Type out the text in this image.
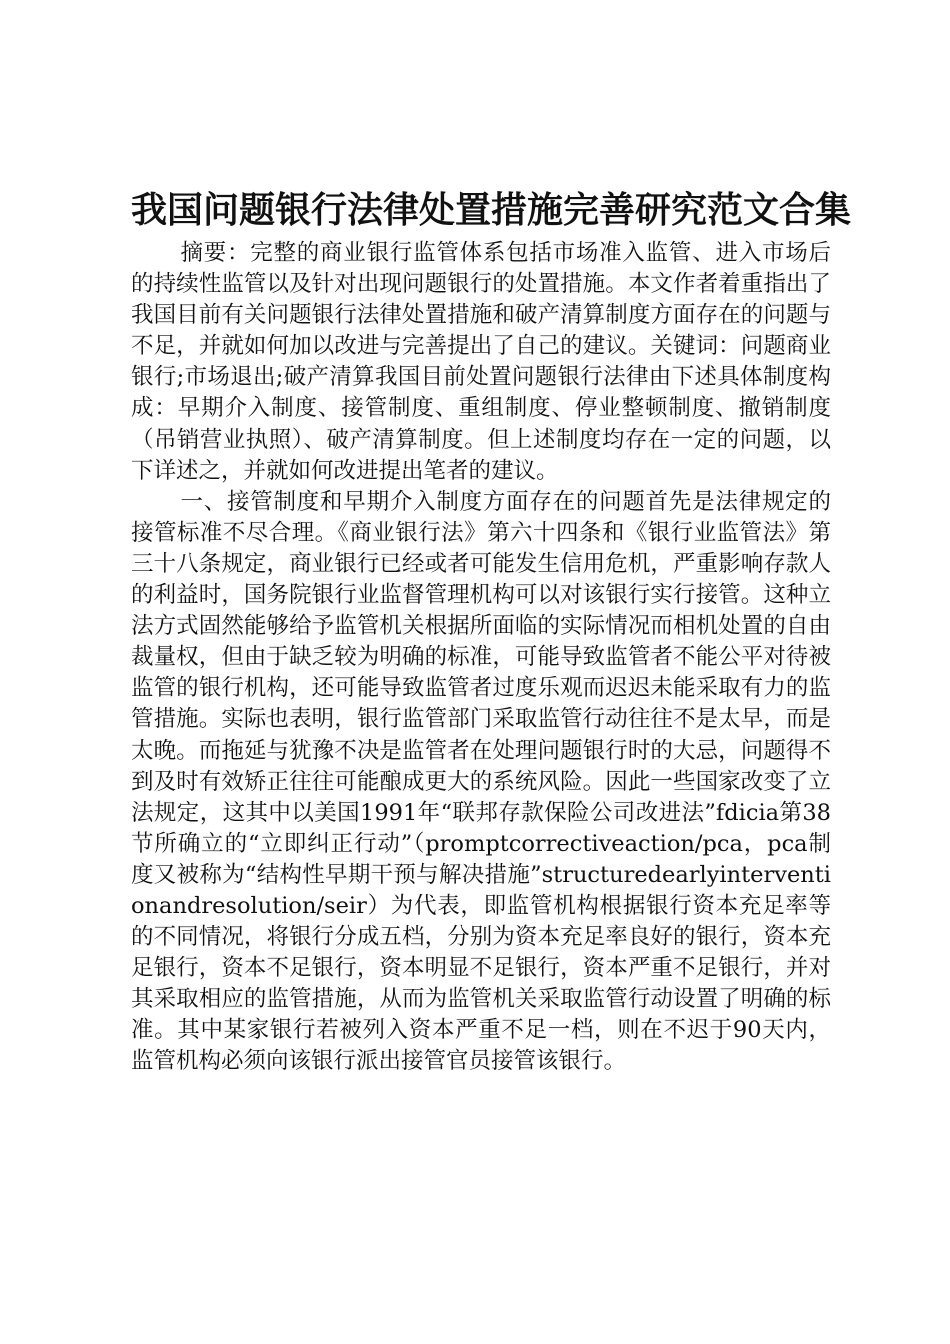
我国问题银行法律处置措施完善研究范文合集

摘要：完整的商业银行监管体系包括市场准入监管、进入市场后的持续性监管以及针对出现问题银行的处置措施。本文作者着重指出了我国目前有关问题银行法律处置措施和破产清算制度方面存在的问题与不足，并就如何加以改进与完善提出了自己的建议。关键词：问题商业银行;市场退出;破产清算我国目前处置问题银行法律由下述具体制度构成：早期介入制度、接管制度、重组制度、停业整顿制度、撤销制度（吊销营业执照）、破产清算制度。但上述制度均存在一定的问题，以下详述之，并就如何改进提出笔者的建议。

一、接管制度和早期介入制度方面存在的问题首先是法律规定的接管标准不尽合理。《商业银行法》第六十四条和《银行业监管法》第三十八条规定，商业银行已经或者可能发生信用危机，严重影响存款人的利益时，国务院银行业监督管理机构可以对该银行实行接管。这种立法方式固然能够给予监管机关根据所面临的实际情况而相机处置的自由裁量权，但由于缺乏较为明确的标准，可能导致监管者不能公平对待被监管的银行机构，还可能导致监管者过度乐观而迟迟未能采取有力的监管措施。实际也表明，银行监管部门采取监管行动往往不是太早，而是太晚。而拖延与犹豫不决是监管者在处理问题银行时的大忌，问题得不到及时有效矫正往往可能酿成更大的系统风险。因此一些国家改变了立法规定，这其中以美国1991年“联邦存款保险公司改进法”fdicia第38节所确立的“立即纠正行动”（promptcorrectiveaction/pca，pca制度又被称为“结构性早期干预与解决措施”structuredearlyinterventionandresolution/seir）为代表，即监管机构根据银行资本充足率等的不同情况，将银行分成五档，分别为资本充足率良好的银行，资本充足银行，资本不足银行，资本明显不足银行，资本严重不足银行，并对其采取相应的监管措施，从而为监管机关采取监管行动设置了明确的标准。其中某家银行若被列入资本严重不足一档，则在不迟于90天内，监管机构必须向该银行派出接管官员接管该银行。
